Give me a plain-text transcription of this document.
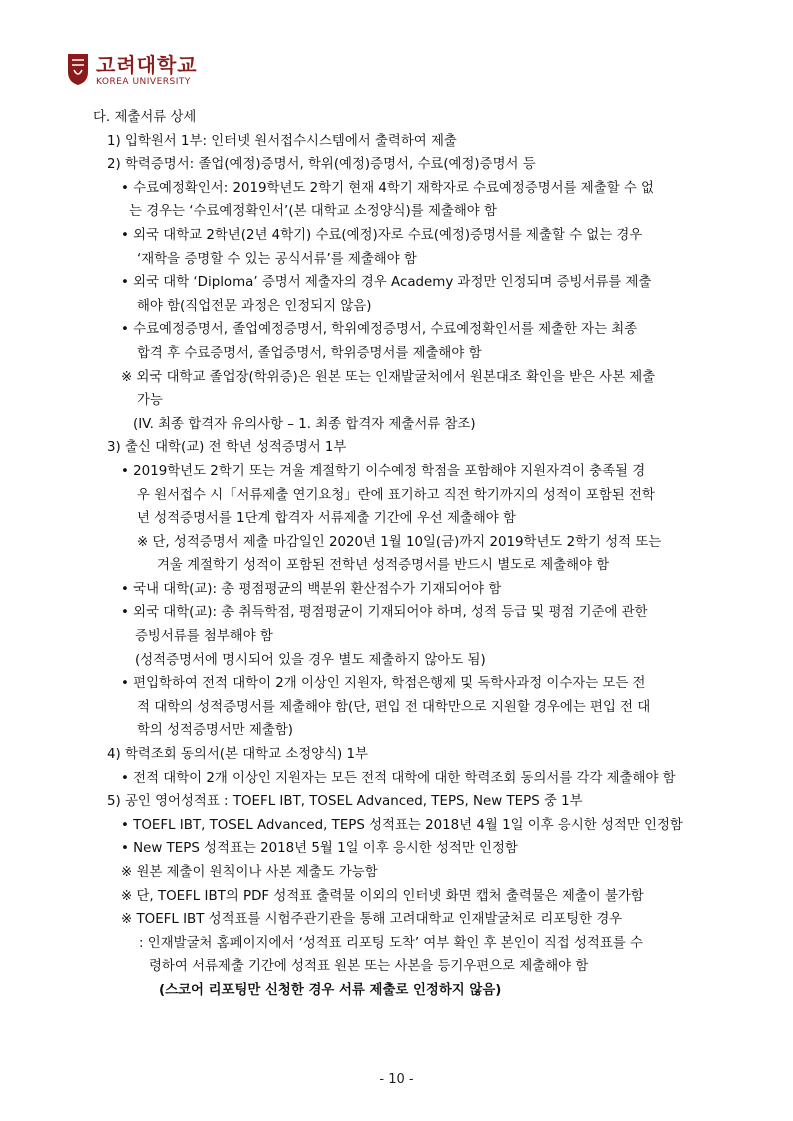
고려대학교
KOREA UNIVERSITY
다. 제출서류 상세
1) 입학원서 1부: 인터넷 원서접수시스템에서 출력하여 제출
2) 학력증명서: 졸업(예정)증명서, 학위(예정)증명서, 수료(예정)증명서 등
• 수료예정확인서: 2019학년도 2학기 현재 4학기 재학자로 수료예정증명서를 제출할 수 없
는 경우는 ‘수료예정확인서’(본 대학교 소정양식)를 제출해야 함
• 외국 대학교 2학년(2년 4학기) 수료(예정)자로 수료(예정)증명서를 제출할 수 없는 경우
‘재학을 증명할 수 있는 공식서류’를 제출해야 함
• 외국 대학 ‘Diploma’ 증명서 제출자의 경우 Academy 과정만 인정되며 증빙서류를 제출
해야 함(직업전문 과정은 인정되지 않음)
• 수료예정증명서, 졸업예정증명서, 학위예정증명서, 수료예정확인서를 제출한 자는 최종
합격 후 수료증명서, 졸업증명서, 학위증명서를 제출해야 함
※ 외국 대학교 졸업장(학위증)은 원본 또는 인재발굴처에서 원본대조 확인을 받은 사본 제출
가능
(IV. 최종 합격자 유의사항 – 1. 최종 합격자 제출서류 참조)
3) 출신 대학(교) 전 학년 성적증명서 1부
• 2019학년도 2학기 또는 겨울 계절학기 이수예정 학점을 포함해야 지원자격이 충족될 경
우 원서접수 시「서류제출 연기요청」란에 표기하고 직전 학기까지의 성적이 포함된 전학
년 성적증명서를 1단계 합격자 서류제출 기간에 우선 제출해야 함
※ 단, 성적증명서 제출 마감일인 2020년 1월 10일(금)까지 2019학년도 2학기 성적 또는
겨울 계절학기 성적이 포함된 전학년 성적증명서를 반드시 별도로 제출해야 함
• 국내 대학(교): 총 평점평균의 백분위 환산점수가 기재되어야 함
• 외국 대학(교): 총 취득학점, 평점평균이 기재되어야 하며, 성적 등급 및 평점 기준에 관한
증빙서류를 첨부해야 함
(성적증명서에 명시되어 있을 경우 별도 제출하지 않아도 됨)
• 편입학하여 전적 대학이 2개 이상인 지원자, 학점은행제 및 독학사과정 이수자는 모든 전
적 대학의 성적증명서를 제출해야 함(단, 편입 전 대학만으로 지원할 경우에는 편입 전 대
학의 성적증명서만 제출함)
4) 학력조회 동의서(본 대학교 소정양식) 1부
• 전적 대학이 2개 이상인 지원자는 모든 전적 대학에 대한 학력조회 동의서를 각각 제출해야 함
5) 공인 영어성적표 : TOEFL IBT, TOSEL Advanced, TEPS, New TEPS 중 1부
• TOEFL IBT, TOSEL Advanced, TEPS 성적표는 2018년 4월 1일 이후 응시한 성적만 인정함
• New TEPS 성적표는 2018년 5월 1일 이후 응시한 성적만 인정함
※ 원본 제출이 원칙이나 사본 제출도 가능함
※ 단, TOEFL IBT의 PDF 성적표 출력물 이외의 인터넷 화면 캡처 출력물은 제출이 불가함
※ TOEFL IBT 성적표를 시험주관기관을 통해 고려대학교 인재발굴처로 리포팅한 경우
: 인재발굴처 홈페이지에서 ‘성적표 리포팅 도착’ 여부 확인 후 본인이 직접 성적표를 수
령하여 서류제출 기간에 성적표 원본 또는 사본을 등기우편으로 제출해야 함
(스코어 리포팅만 신청한 경우 서류 제출로 인정하지 않음)
- 10 -
